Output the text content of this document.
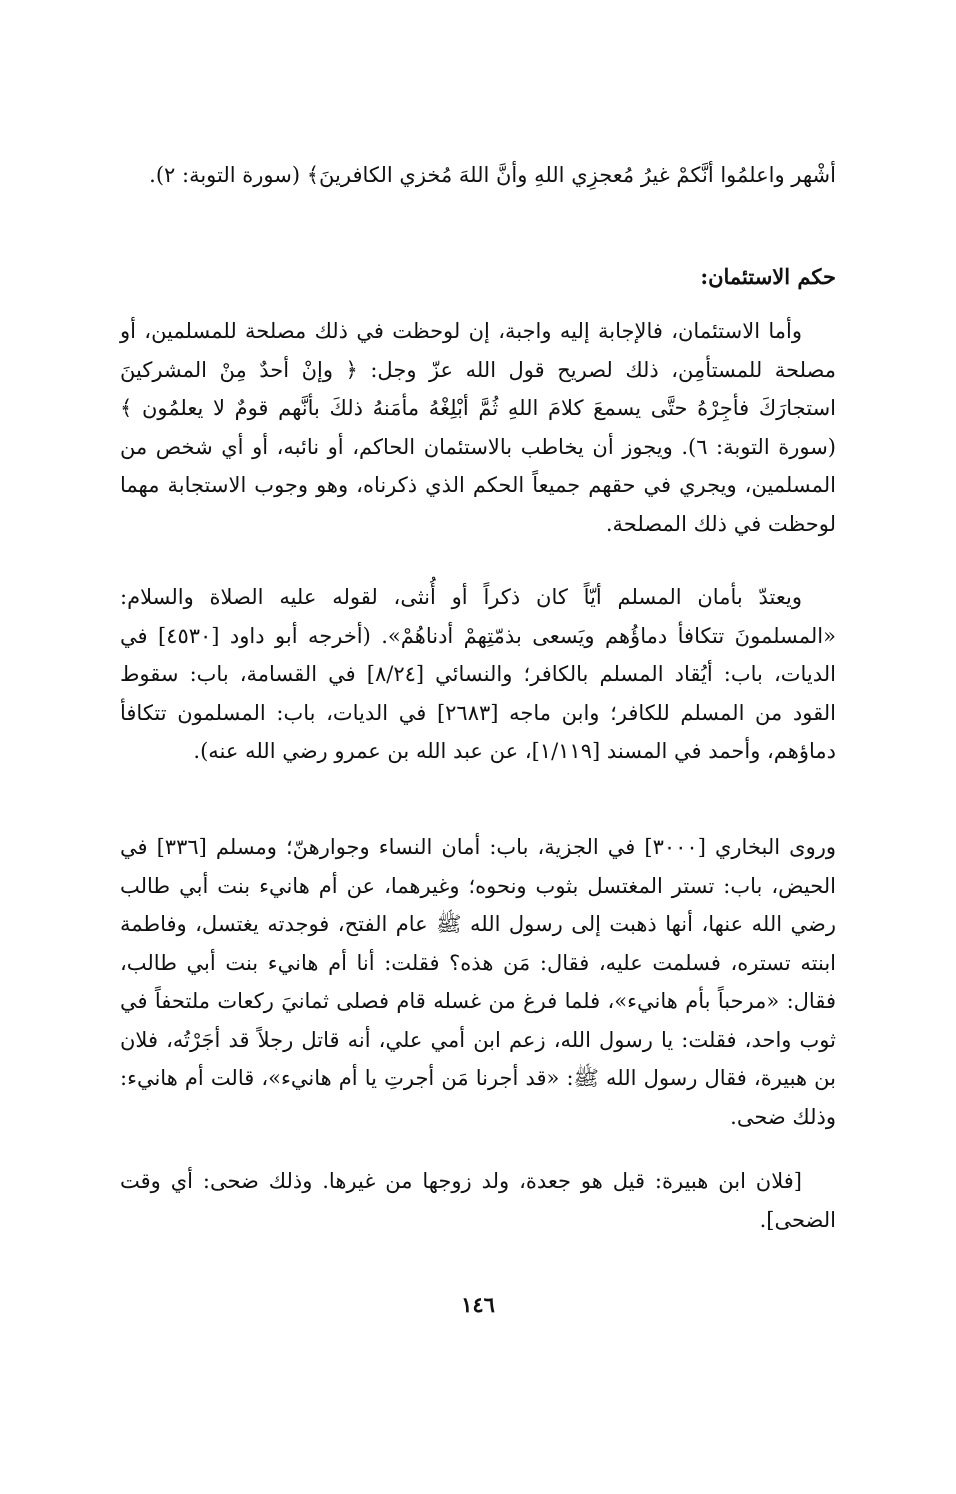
أشْهر واعلمُوا أنَّكمْ غيرُ مُعجزِي اللهِ وأنَّ اللهَ مُخزي الكافرينَ﴾ (سورة التوبة: ٢).

حكم الاستئمان:

وأما الاستئمان، فالإجابة إليه واجبة، إن لوحظت في ذلك مصلحة للمسلمين، أو مصلحة للمستأمِن، ذلك لصريح قول الله عزّ وجل: ﴿ وإنْ أحدٌ مِنْ المشركينَ استجارَكَ فأجِرْهُ حتَّى يسمعَ كلامَ اللهِ ثُمَّ أبْلِغْهُ مأمَنهُ ذلكَ بأنَّهم قومٌ لا يعلمُون ﴾ (سورة التوبة: ٦). ويجوز أن يخاطب بالاستئمان الحاكم، أو نائبه، أو أي شخص من المسلمين، ويجري في حقهم جميعاً الحكم الذي ذكرناه، وهو وجوب الاستجابة مهما لوحظت في ذلك المصلحة.

ويعتدّ بأمان المسلم أيّاً كان ذكراً أو أُنثى، لقوله عليه الصلاة والسلام: «المسلمونَ تتكافأ دماؤُهم ويَسعى بذمّتِهمْ أدناهُمْ». (أخرجه أبو داود [٤٥٣٠] في الديات، باب: أيُقاد المسلم بالكافر؛ والنسائي [٨/٢٤] في القسامة، باب: سقوط القود من المسلم للكافر؛ وابن ماجه [٢٦٨٣] في الديات، باب: المسلمون تتكافأ دماؤهم، وأحمد في المسند [١/١١٩]، عن عبد الله بن عمرو رضي الله عنه).

وروى البخاري [٣٠٠٠] في الجزية، باب: أمان النساء وجوارهنّ؛ ومسلم [٣٣٦] في الحيض، باب: تستر المغتسل بثوب ونحوه؛ وغيرهما، عن أم هانيء بنت أبي طالب رضي الله عنها، أنها ذهبت إلى رسول الله ﷺ عام الفتح، فوجدته يغتسل، وفاطمة ابنته تستره، فسلمت عليه، فقال: مَن هذه؟ فقلت: أنا أم هانيء بنت أبي طالب، فقال: «مرحباً بأم هانيء»، فلما فرغ من غسله قام فصلى ثمانيَ ركعات ملتحفاً في ثوب واحد، فقلت: يا رسول الله، زعم ابن أمي علي، أنه قاتل رجلاً قد أجَرْتُه، فلان بن هبيرة، فقال رسول الله ﷺ: «قد أجرنا مَن أجرتِ يا أم هانيء»، قالت أم هانيء: وذلك ضحى.

[فلان ابن هبيرة: قيل هو جعدة، ولد زوجها من غيرها. وذلك ضحى: أي وقت الضحى].

١٤٦
